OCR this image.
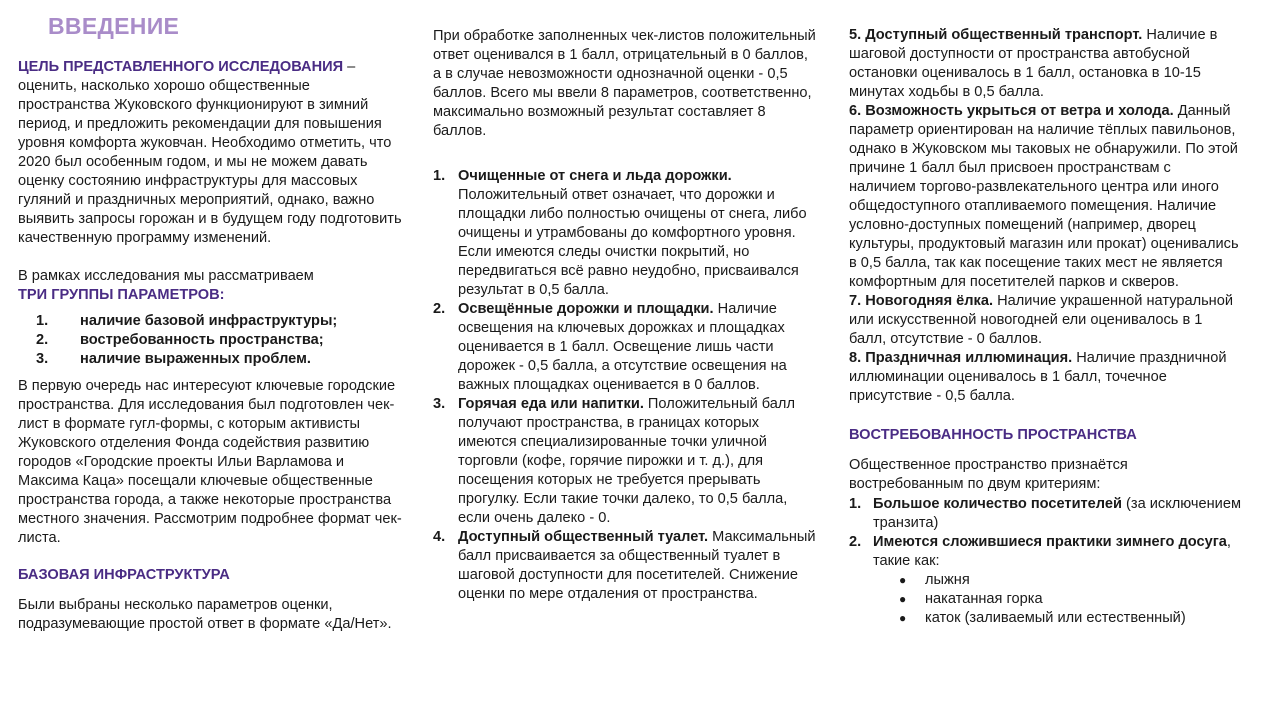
ВВЕДЕНИЕ

ЦЕЛЬ ПРЕДСТАВЛЕННОГО ИССЛЕДОВАНИЯ – оценить, насколько хорошо общественные пространства Жуковского функционируют в зимний период, и предложить рекомендации для повышения уровня комфорта жуковчан. Необходимо отметить, что 2020 был особенным годом, и мы не можем давать оценку состоянию инфраструктуры для массовых гуляний и праздничных мероприятий, однако, важно выявить запросы горожан и в будущем году подготовить качественную программу изменений.

В рамках исследования мы рассматриваем

ТРИ ГРУППЫ ПАРАМЕТРОВ:

1.	наличие базовой инфраструктуры;
2.	востребованность пространства;
3.	наличие выраженных проблем.

В первую очередь нас интересуют ключевые городские пространства. Для исследования был подготовлен чек-лист в формате гугл-формы, с которым активисты Жуковского отделения Фонда содействия развитию городов «Городские проекты Ильи Варламова и Максима Каца» посещали ключевые общественные пространства города, а также некоторые пространства местного значения. Рассмотрим подробнее формат чек-листа.

БАЗОВАЯ ИНФРАСТРУКТУРА

Были выбраны несколько параметров оценки, подразумевающие простой ответ в формате «Да/Нет».

При обработке заполненных чек-листов положительный ответ оценивался в 1 балл, отрицательный в 0 баллов, а в случае невозможности однозначной оценки - 0,5 баллов. Всего мы ввели 8 параметров, соответственно, максимально возможный результат составляет 8 баллов.

1. Очищенные от снега и льда дорожки. Положительный ответ означает, что дорожки и площадки либо полностью очищены от снега, либо очищены и утрамбованы до комфортного уровня. Если имеются следы очистки покрытий, но передвигаться всё равно неудобно, присваивался результат в 0,5 балла.
2. Освещённые дорожки и площадки. Наличие освещения на ключевых дорожках и площадках оценивается в 1 балл. Освещение лишь части дорожек - 0,5 балла, а отсутствие освещения на важных площадках оценивается в 0 баллов.
3. Горячая еда или напитки. Положительный балл получают пространства, в границах которых имеются специализированные точки уличной торговли (кофе, горячие пирожки и т. д.), для посещения которых не требуется прерывать прогулку. Если такие точки далеко, то 0,5 балла, если очень далеко - 0.
4. Доступный общественный туалет. Максимальный балл присваивается за общественный туалет в шаговой доступности для посетителей. Снижение оценки по мере отдаления от пространства.

5. Доступный общественный транспорт. Наличие в шаговой доступности от пространства автобусной остановки оценивалось в 1 балл, остановка в 10-15 минутах ходьбы в 0,5 балла.

6. Возможность укрыться от ветра и холода. Данный параметр ориентирован на наличие тёплых павильонов, однако в Жуковском мы таковых не обнаружили. По этой причине 1 балл был присвоен пространствам с наличием торгово-развлекательного центра или иного общедоступного отапливаемого помещения. Наличие условно-доступных помещений (например, дворец культуры, продуктовый магазин или прокат) оценивались в 0,5 балла, так как посещение таких мест не является комфортным для посетителей парков и скверов.

7. Новогодняя ёлка. Наличие украшенной натуральной или искусственной новогодней ели оценивалось в 1 балл, отсутствие - 0 баллов.

8. Праздничная иллюминация. Наличие праздничной иллюминации оценивалось в 1 балл, точечное присутствие - 0,5 балла.

ВОСТРЕБОВАННОСТЬ ПРОСТРАНСТВА

Общественное пространство признаётся востребованным по двум критериям:

1. Большое количество посетителей (за исключением транзита)
2. Имеются сложившиеся практики зимнего досуга, такие как:
●	лыжня
●	накатанная горка
●	каток (заливаемый или естественный)
